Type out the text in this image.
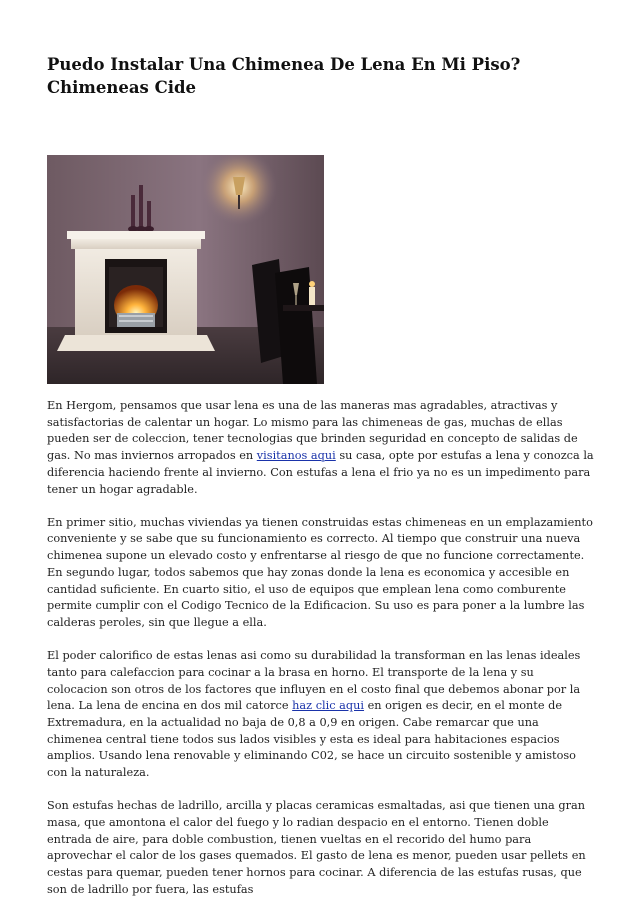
Puedo Instalar Una Chimenea De Lena En Mi Piso?
Chimeneas Cide

En Hergom, pensamos que usar lena es una de las maneras mas agradables, atractivas y satisfactorias de calentar un hogar. Lo mismo para las chimeneas de gas, muchas de ellas pueden ser de coleccion, tener tecnologias que brinden seguridad en concepto de salidas de gas. No mas inviernos arropados en visitanos aqui su casa, opte por estufas a lena y conozca la diferencia haciendo frente al invierno. Con estufas a lena el frio ya no es un impedimento para tener un hogar agradable.

En primer sitio, muchas viviendas ya tienen construidas estas chimeneas en un emplazamiento conveniente y se sabe que su funcionamiento es correcto. Al tiempo que construir una nueva chimenea supone un elevado costo y enfrentarse al riesgo de que no funcione correctamente. En segundo lugar, todos sabemos que hay zonas donde la lena es economica y accesible en cantidad suficiente. En cuarto sitio, el uso de equipos que emplean lena como comburente permite cumplir con el Codigo Tecnico de la Edificacion. Su uso es para poner a la lumbre las calderas peroles, sin que llegue a ella.

El poder calorifico de estas lenas asi como su durabilidad la transforman en las lenas ideales tanto para calefaccion para cocinar a la brasa en horno. El transporte de la lena y su colocacion son otros de los factores que influyen en el costo final que debemos abonar por la lena. La lena de encina en dos mil catorce haz clic aqui en origen es decir, en el monte de Extremadura, en la actualidad no baja de 0,8 a 0,9 en origen. Cabe remarcar que una chimenea central tiene todos sus lados visibles y esta es ideal para habitaciones espacios amplios. Usando lena renovable y eliminando C02, se hace un circuito sostenible y amistoso con la naturaleza.

Son estufas hechas de ladrillo, arcilla y placas ceramicas esmaltadas, asi que tienen una gran masa, que amontona el calor del fuego y lo radian despacio en el entorno. Tienen doble entrada de aire, para doble combustion, tienen vueltas en el recorido del humo para aprovechar el calor de los gases quemados. El gasto de lena es menor, pueden usar pellets en cestas para quemar, pueden tener hornos para cocinar. A diferencia de las estufas rusas, que son de ladrillo por fuera, las estufas
